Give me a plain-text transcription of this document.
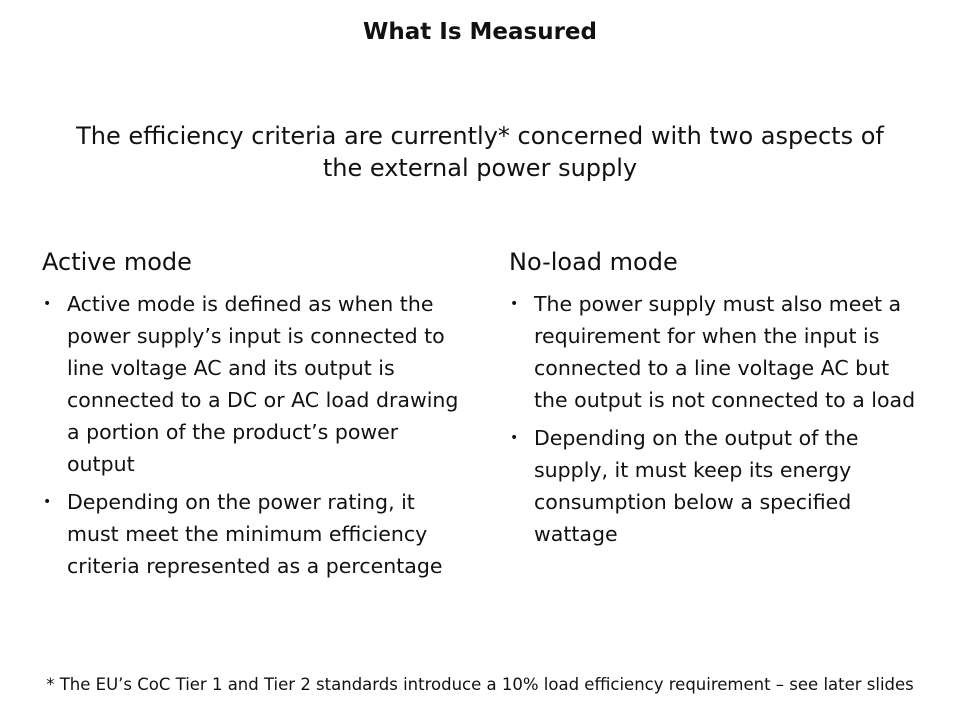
What Is Measured
The efficiency criteria are currently* concerned with two aspects of the external power supply
Active mode
• Active mode is defined as when the power supply’s input is connected to line voltage AC and its output is connected to a DC or AC load drawing a portion of the product’s power output
• Depending on the power rating, it must meet the minimum efficiency criteria represented as a percentage
No-load mode
• The power supply must also meet a requirement for when the input is connected to a line voltage AC but the output is not connected to a load
• Depending on the output of the supply, it must keep its energy consumption below a specified wattage
* The EU’s CoC Tier 1 and Tier 2 standards introduce a 10% load efficiency requirement – see later slides
